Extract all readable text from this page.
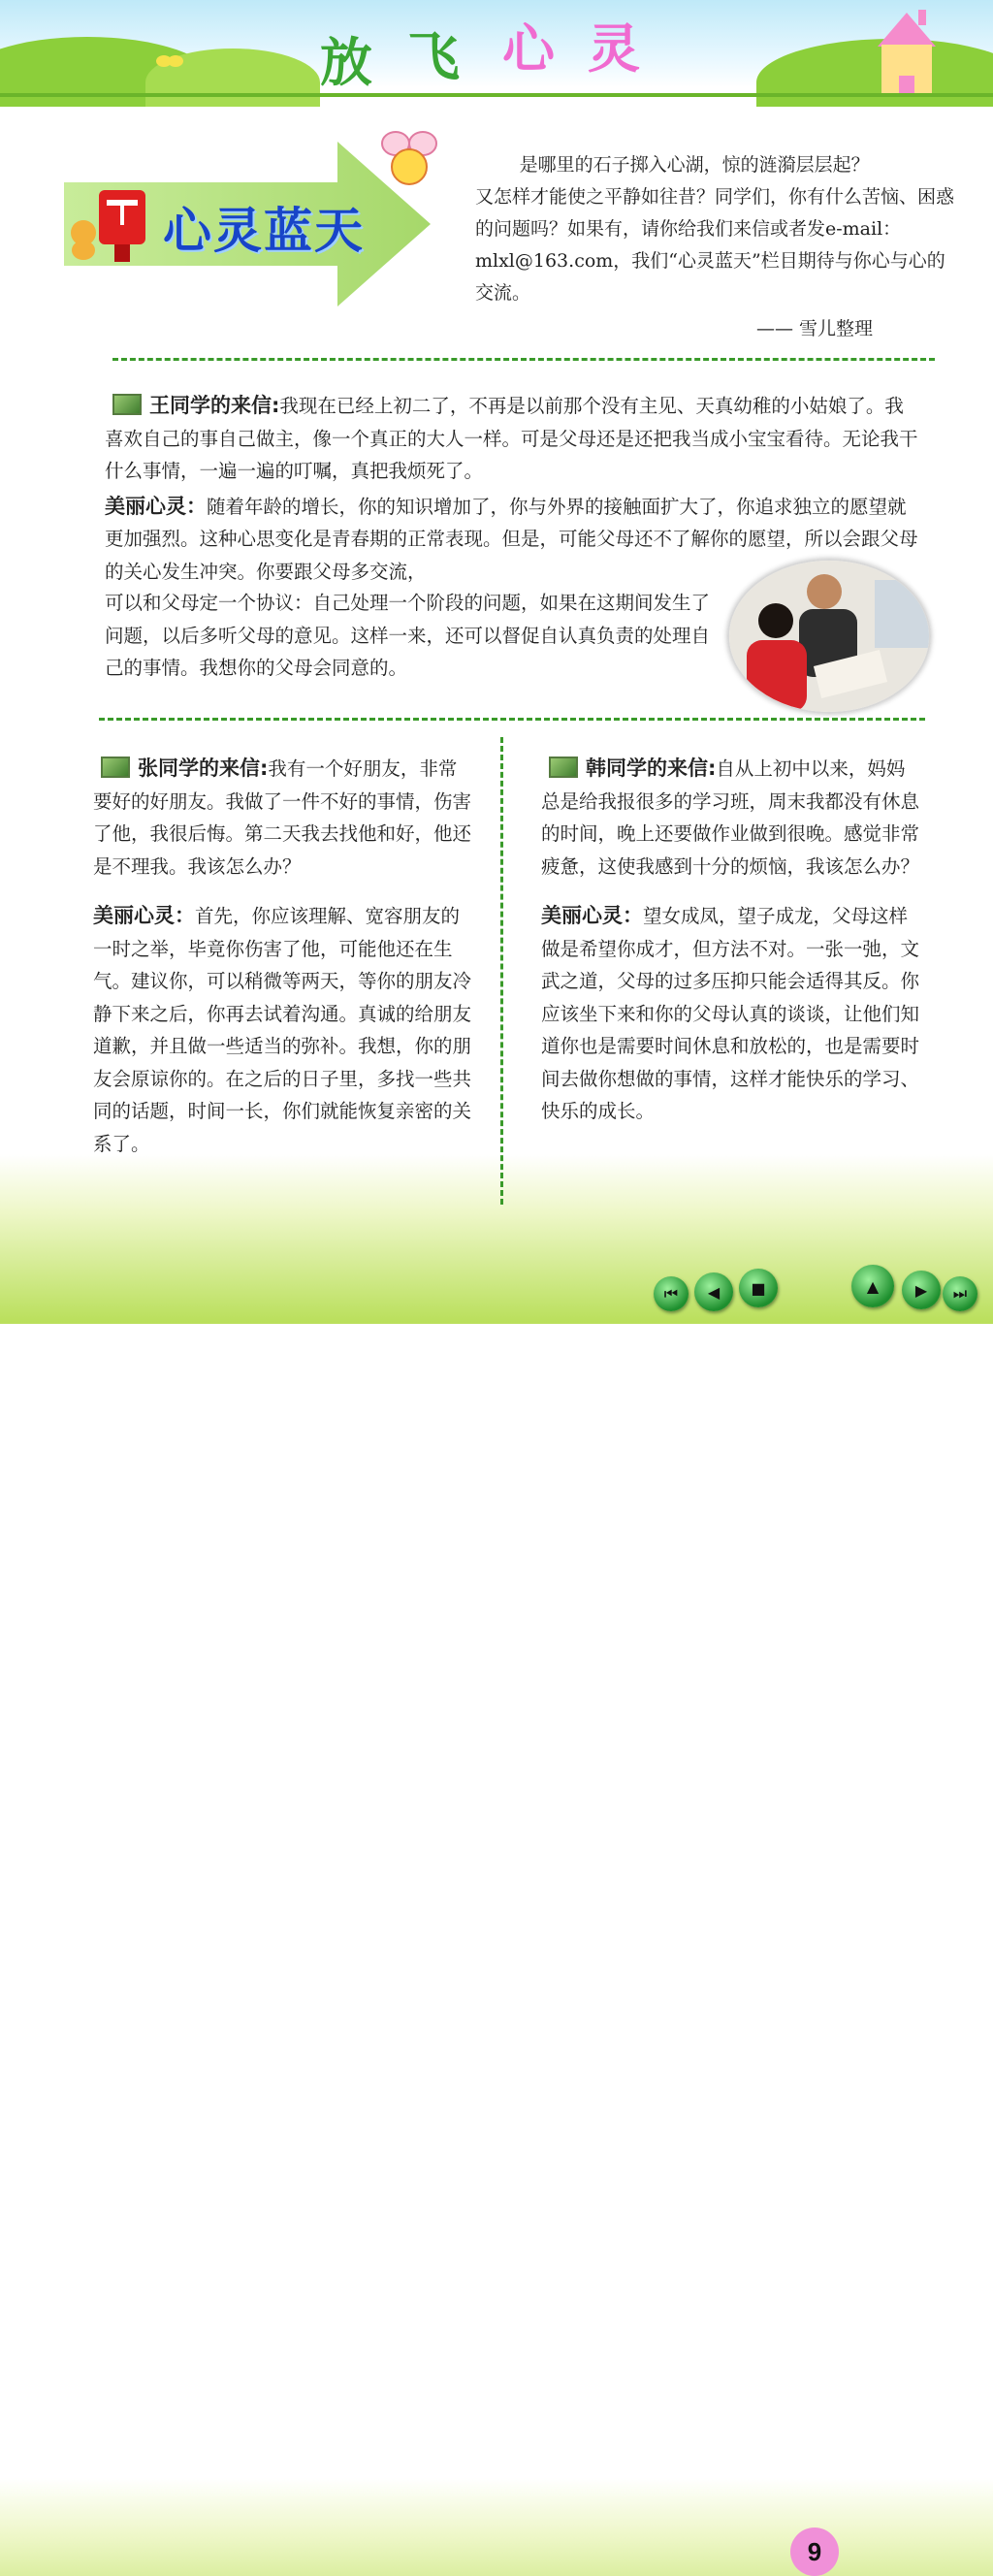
放 飞 心 灵
心灵蓝天

是哪里的石子掷入心湖，惊的涟漪层层起？

又怎样才能使之平静如往昔？同学们，你有什么苦恼、困惑的问题吗？如果有，请你给我们来信或者发e-mail：mlxl@163.com，我们“心灵蓝天”栏目期待与你心与心的交流。

—— 雪儿整理

王同学的来信:我现在已经上初二了，不再是以前那个没有主见、天真幼稚的小姑娘了。我喜欢自己的事自己做主，像一个真正的大人一样。可是父母还是还把我当成小宝宝看待。无论我干什么事情，一遍一遍的叮嘱，真把我烦死了。

美丽心灵：随着年龄的增长，你的知识增加了，你与外界的接触面扩大了，你追求独立的愿望就更加强烈。这种心思变化是青春期的正常表现。但是，可能父母还不了解你的愿望，所以会跟父母的关心发生冲突。你要跟父母多交流，

可以和父母定一个协议：自己处理一个阶段的问题，如果在这期间发生了问题，以后多听父母的意见。这样一来，还可以督促自认真负责的处理自己的事情。我想你的父母会同意的。

张同学的来信:我有一个好朋友，非常要好的好朋友。我做了一件不好的事情，伤害了他，我很后悔。第二天我去找他和好，他还是不理我。我该怎么办？

美丽心灵：首先，你应该理解、宽容朋友的一时之举，毕竟你伤害了他，可能他还在生气。建议你，可以稍微等两天，等你的朋友冷静下来之后，你再去试着沟通。真诚的给朋友道歉，并且做一些适当的弥补。我想，你的朋友会原谅你的。在之后的日子里，多找一些共同的话题，时间一长，你们就能恢复亲密的关系了。

韩同学的来信:自从上初中以来，妈妈总是给我报很多的学习班，周末我都没有休息的时间，晚上还要做作业做到很晚。感觉非常疲惫，这使我感到十分的烦恼，我该怎么办？

美丽心灵：望女成凤，望子成龙，父母这样做是希望你成才，但方法不对。一张一弛，文武之道，父母的过多压抑只能会适得其反。你应该坐下来和你的父母认真的谈谈，让他们知道你也是需要时间休息和放松的，也是需要时间去做你想做的事情，这样才能快乐的学习、快乐的成长。

⏮	◀	■
9
▲	▶	⏭
